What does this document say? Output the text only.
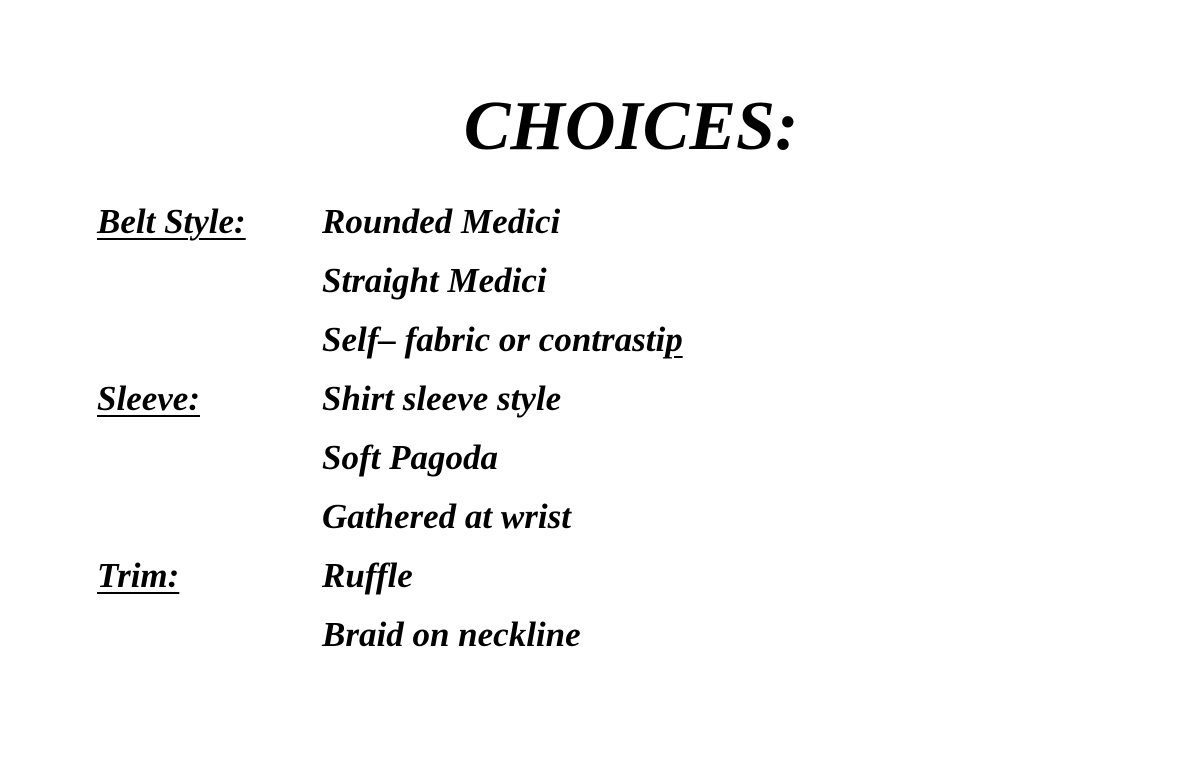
CHOICES:
Belt Style: Rounded Medici
Straight Medici
Self– fabric or contrastip
Sleeve:	Shirt sleeve style
Soft Pagoda
Gathered at wrist
Trim:	Ruffle
Braid on neckline
